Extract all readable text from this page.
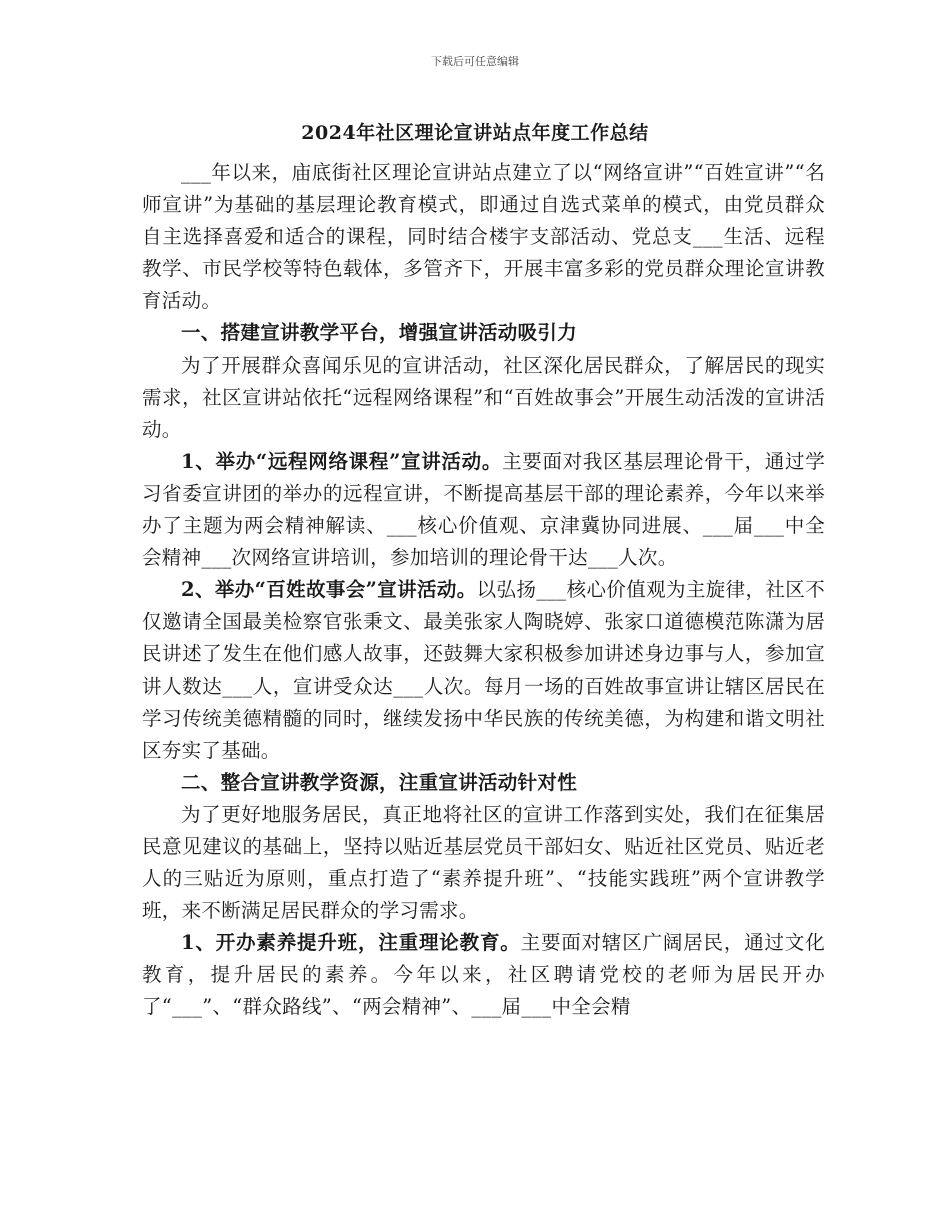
下载后可任意编辑
2024年社区理论宣讲站点年度工作总结

___年以来，庙底街社区理论宣讲站点建立了以“网络宣讲”“百姓宣讲”“名师宣讲”为基础的基层理论教育模式，即通过自选式菜单的模式，由党员群众自主选择喜爱和适合的课程，同时结合楼宇支部活动、党总支___生活、远程教学、市民学校等特色载体，多管齐下，开展丰富多彩的党员群众理论宣讲教育活动。

一、搭建宣讲教学平台，增强宣讲活动吸引力

为了开展群众喜闻乐见的宣讲活动，社区深化居民群众，了解居民的现实需求，社区宣讲站依托“远程网络课程”和“百姓故事会”开展生动活泼的宣讲活动。

1、举办“远程网络课程”宣讲活动。主要面对我区基层理论骨干，通过学习省委宣讲团的举办的远程宣讲，不断提高基层干部的理论素养，今年以来举办了主题为两会精神解读、___核心价值观、京津冀协同进展、___届___中全会精神___次网络宣讲培训，参加培训的理论骨干达___人次。

2、举办“百姓故事会”宣讲活动。以弘扬___核心价值观为主旋律，社区不仅邀请全国最美检察官张秉文、最美张家人陶晓婷、张家口道德模范陈潇为居民讲述了发生在他们感人故事，还鼓舞大家积极参加讲述身边事与人，参加宣讲人数达___人，宣讲受众达___人次。每月一场的百姓故事宣讲让辖区居民在学习传统美德精髓的同时，继续发扬中华民族的传统美德，为构建和谐文明社区夯实了基础。

二、整合宣讲教学资源，注重宣讲活动针对性

为了更好地服务居民，真正地将社区的宣讲工作落到实处，我们在征集居民意见建议的基础上，坚持以贴近基层党员干部妇女、贴近社区党员、贴近老人的三贴近为原则，重点打造了“素养提升班”、“技能实践班”两个宣讲教学班，来不断满足居民群众的学习需求。

1、开办素养提升班，注重理论教育。主要面对辖区广阔居民，通过文化教育，提升居民的素养。今年以来，社区聘请党校的老师为居民开办了“___”、“群众路线”、“两会精神”、___届___中全会精
